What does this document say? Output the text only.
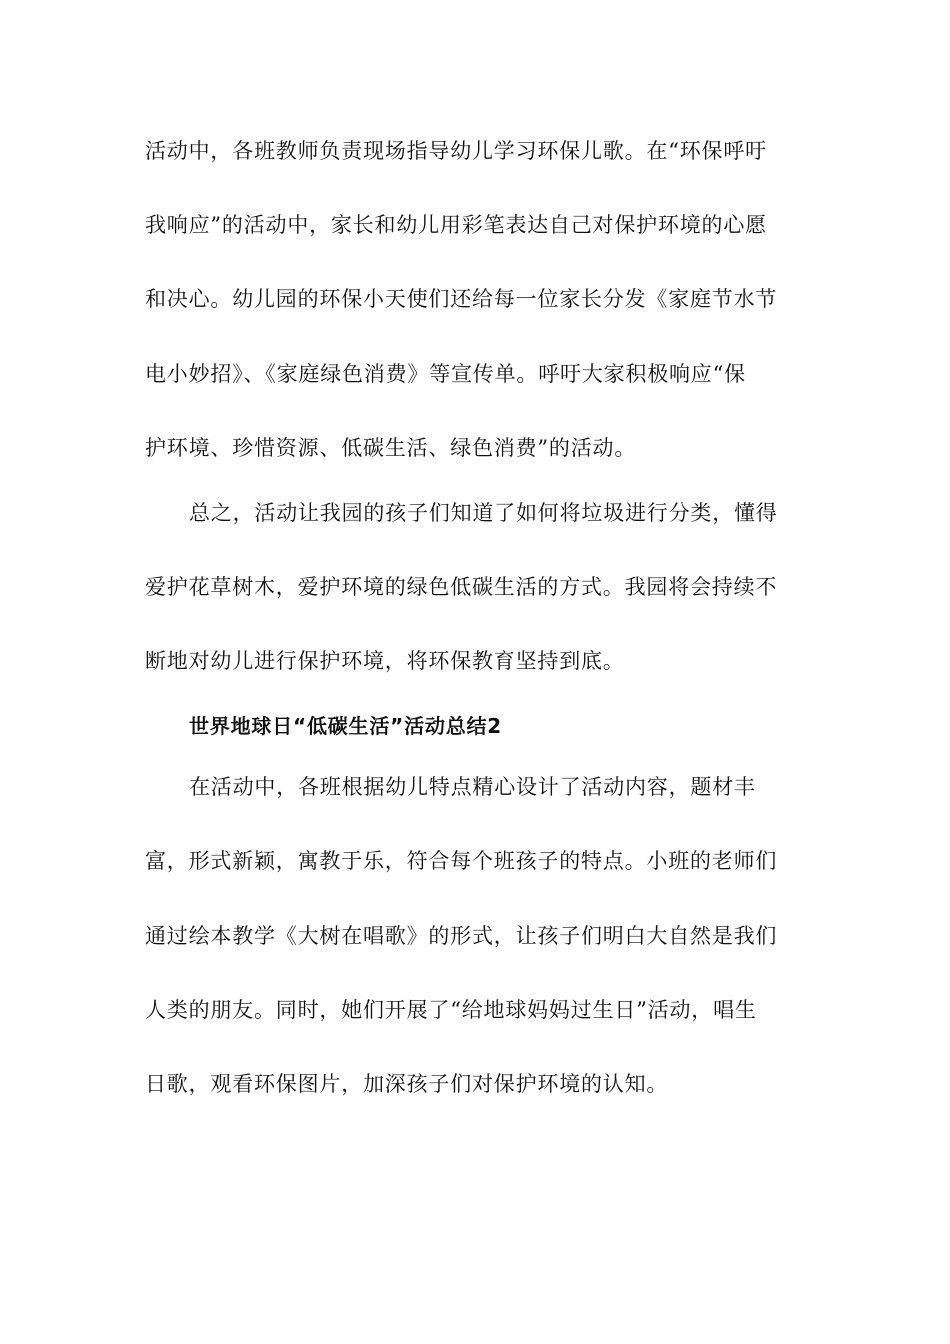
活动中，各班教师负责现场指导幼儿学习环保儿歌。在“环保呼吁
我响应”的活动中，家长和幼儿用彩笔表达自己对保护环境的心愿
和决心。幼儿园的环保小天使们还给每一位家长分发《家庭节水节
电小妙招》、《家庭绿色消费》等宣传单。呼吁大家积极响应“保
护环境、珍惜资源、低碳生活、绿色消费”的活动。
总之，活动让我园的孩子们知道了如何将垃圾进行分类，懂得
爱护花草树木，爱护环境的绿色低碳生活的方式。我园将会持续不
断地对幼儿进行保护环境，将环保教育坚持到底。
世界地球日“低碳生活”活动总结2
在活动中，各班根据幼儿特点精心设计了活动内容，题材丰
富，形式新颖，寓教于乐，符合每个班孩子的特点。小班的老师们
通过绘本教学《大树在唱歌》的形式，让孩子们明白大自然是我们
人类的朋友。同时，她们开展了“给地球妈妈过生日”活动，唱生
日歌，观看环保图片，加深孩子们对保护环境的认知。
